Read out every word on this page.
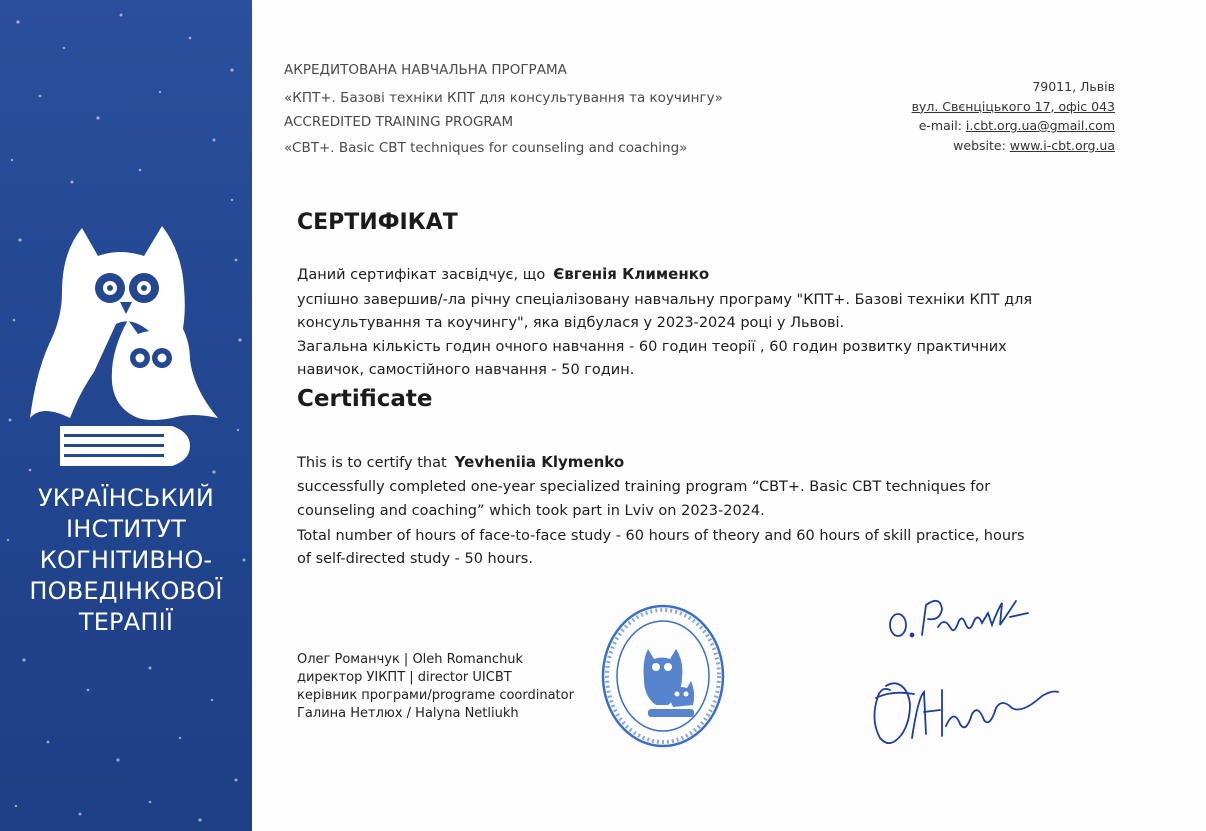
УКРАЇНСЬКИЙ
ІНСТИТУТ
КОГНІТИВНО-
ПОВЕДІНКОВОЇ
ТЕРАПІЇ
АКРЕДИТОВАНА НАВЧАЛЬНА ПРОГРАМА
«КПТ+. Базові техніки КПТ для консультування та коучингу»
ACCREDITED TRAINING PROGRAM
«CBT+. Basic CBT techniques for counseling and coaching»
79011, Львів
вул. Свєнціцького 17, офіс 043
e-mail: i.cbt.org.ua@gmail.com
website: www.i-cbt.org.ua
СЕРТИФІКАТ
Даний сертифікат засвідчує, що Євгенія Клименко
успішно завершив/-ла річну спеціалізовану навчальну програму "КПТ+. Базові техніки КПТ для
консультування та коучингу", яка відбулася у 2023-2024 році у Львові.
Загальна кількість годин очного навчання - 60 годин теорії , 60 годин розвитку практичних
навичок, самостійного навчання - 50 годин.
Certificate
This is to certify that Yevheniia Klymenko
successfully completed one-year specialized training program “CBT+. Basic CBT techniques for
counseling and coaching” which took part in Lviv on 2023-2024.
Total number of hours of face-to-face study - 60 hours of theory and 60 hours of skill practice, hours
of self-directed study - 50 hours.
Олег Романчук | Oleh Romanchuk
директор УІКПТ | director UICBT
керівник програми/programe coordinator
Галина Нетлюх / Halyna Netliukh
